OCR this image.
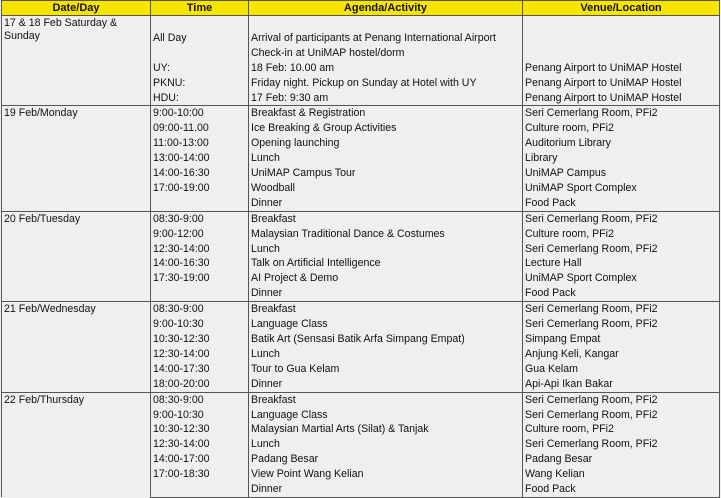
Date/Day	Time	Agenda/Activity	Venue/Location
17 & 18 Feb Saturday & Sunday			
	All Day	Arrival of participants at Penang International Airport	
		Check-in at UniMAP hostel/dorm	
	UY:	18 Feb: 10.00 am	Penang Airport to UniMAP Hostel
	PKNU:	Friday night. Pickup on Sunday at Hotel with UY	Penang Airport to UniMAP Hostel
	HDU:	17 Feb: 9:30 am	Penang Airport to UniMAP Hostel
19 Feb/Monday	9:00-10:00	Breakfast & Registration	Seri Cemerlang Room, PFi2
	09:00-11.00	Ice Breaking & Group Activities	Culture room, PFi2
	11:00-13:00	Opening launching	Auditorium Library
	13:00-14:00	Lunch	Library
	14:00-16:30	UniMAP Campus Tour	UniMAP Campus
	17:00-19:00	Woodball	UniMAP Sport Complex
		Dinner	Food Pack
20 Feb/Tuesday	08:30-9:00	Breakfast	Seri Cemerlang Room, PFi2
	9:00-12:00	Malaysian Traditional Dance & Costumes	Culture room, PFi2
	12:30-14:00	Lunch	Seri Cemerlang Room, PFi2
	14:00-16:30	Talk on Artificial Intelligence	Lecture Hall
	17:30-19:00	AI Project & Demo	UniMAP Sport Complex
		Dinner	Food Pack
21 Feb/Wednesday	08:30-9:00	Breakfast	Seri Cemerlang Room, PFi2
	9:00-10:30	Language Class	Seri Cemerlang Room, PFi2
	10:30-12:30	Batik Art (Sensasi Batik Arfa Simpang Empat)	Simpang Empat
	12:30-14:00	Lunch	Anjung Keli, Kangar
	14:00-17:30	Tour to Gua Kelam	Gua Kelam
	18:00-20:00	Dinner	Api-Api Ikan Bakar
22 Feb/Thursday	08:30-9:00	Breakfast	Seri Cemerlang Room, PFi2
	9:00-10:30	Language Class	Seri Cemerlang Room, PFi2
	10:30-12:30	Malaysian Martial Arts (Silat) & Tanjak	Culture room, PFi2
	12:30-14:00	Lunch	Seri Cemerlang Room, PFi2
	14:00-17:00	Padang Besar	Padang Besar
	17:00-18:30	View Point Wang Kelian	Wang Kelian
		Dinner	Food Pack
